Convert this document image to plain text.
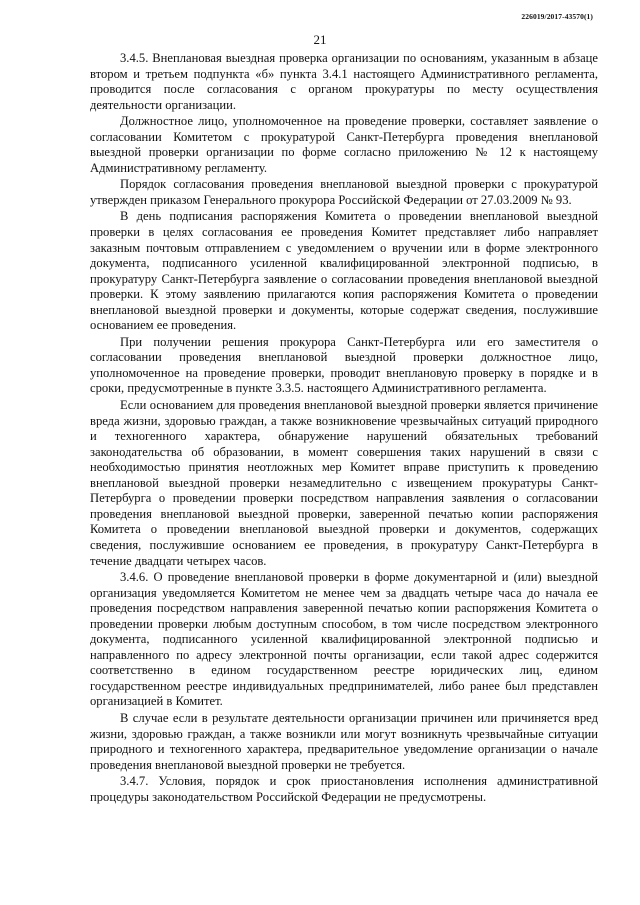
226019/2017-43570(1)
21

3.4.5. Внеплановая выездная проверка организации по основаниям, указанным в абзаце втором и третьем подпункта «б» пункта 3.4.1 настоящего Административного регламента, проводится после согласования с органом прокуратуры по месту осуществления деятельности организации.

Должностное лицо, уполномоченное на проведение проверки, составляет заявление о согласовании Комитетом с прокуратурой Санкт-Петербурга проведения внеплановой выездной проверки организации по форме согласно приложению № 12 к настоящему Административному регламенту.

Порядок согласования проведения внеплановой выездной проверки с прокуратурой утвержден приказом Генерального прокурора Российской Федерации от 27.03.2009 № 93.

В день подписания распоряжения Комитета о проведении внеплановой выездной проверки в целях согласования ее проведения Комитет представляет либо направляет заказным почтовым отправлением с уведомлением о вручении или в форме электронного документа, подписанного усиленной квалифицированной электронной подписью, в прокуратуру Санкт-Петербурга заявление о согласовании проведения внеплановой выездной проверки. К этому заявлению прилагаются копия распоряжения Комитета о проведении внеплановой выездной проверки и документы, которые содержат сведения, послужившие основанием ее проведения.

При получении решения прокурора Санкт-Петербурга или его заместителя о согласовании проведения внеплановой выездной проверки должностное лицо, уполномоченное на проведение проверки, проводит внеплановую проверку в порядке и в сроки, предусмотренные в пункте 3.3.5. настоящего Административного регламента.

Если основанием для проведения внеплановой выездной проверки является причинение вреда жизни, здоровью граждан, а также возникновение чрезвычайных ситуаций природного и техногенного характера, обнаружение нарушений обязательных требований законодательства об образовании, в момент совершения таких нарушений в связи с необходимостью принятия неотложных мер Комитет вправе приступить к проведению внеплановой выездной проверки незамедлительно с извещением прокуратуры Санкт-Петербурга о проведении проверки посредством направления заявления о согласовании проведения внеплановой выездной проверки, заверенной печатью копии распоряжения Комитета о проведении внеплановой выездной проверки и документов, содержащих сведения, послужившие основанием ее проведения, в прокуратуру Санкт-Петербурга в течение двадцати четырех часов.

3.4.6. О проведение внеплановой проверки в форме документарной и (или) выездной организация уведомляется Комитетом не менее чем за двадцать четыре часа до начала ее проведения посредством направления заверенной печатью копии распоряжения Комитета о проведении проверки любым доступным способом, в том числе посредством электронного документа, подписанного усиленной квалифицированной электронной подписью и направленного по адресу электронной почты организации, если такой адрес содержится соответственно в едином государственном реестре юридических лиц, едином государственном реестре индивидуальных предпринимателей, либо ранее был представлен организацией в Комитет.

В случае если в результате деятельности организации причинен или причиняется вред жизни, здоровью граждан, а также возникли или могут возникнуть чрезвычайные ситуации природного и техногенного характера, предварительное уведомление организации о начале проведения внеплановой выездной проверки не требуется.

3.4.7. Условия, порядок и срок приостановления исполнения административной процедуры законодательством Российской Федерации не предусмотрены.
